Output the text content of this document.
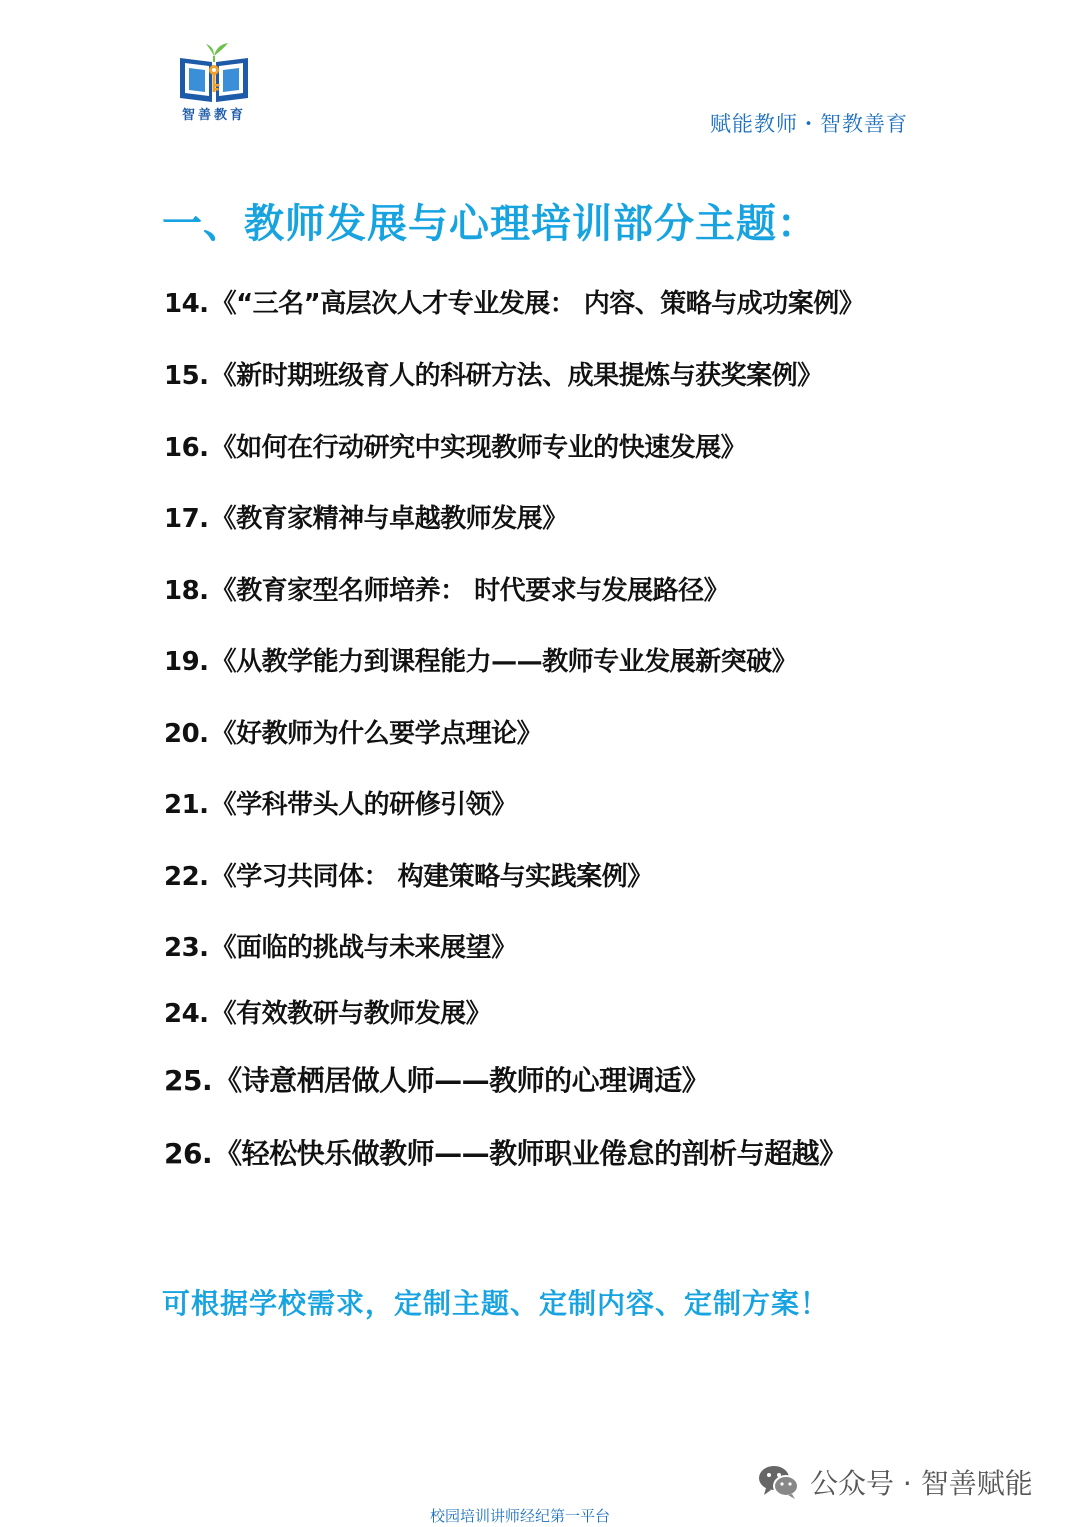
智善教育	赋能教师・智教善育
一、教师发展与心理培训部分主题：
14.《“三名”高层次人才专业发展： 内容、策略与成功案例》
15.《新时期班级育人的科研方法、成果提炼与获奖案例》
16.《如何在行动研究中实现教师专业的快速发展》
17.《教育家精神与卓越教师发展》
18.《教育家型名师培养： 时代要求与发展路径》
19.《从教学能力到课程能力——教师专业发展新突破》
20.《好教师为什么要学点理论》
21.《学科带头人的研修引领》
22.《学习共同体： 构建策略与实践案例》
23.《面临的挑战与未来展望》
24.《有效教研与教师发展》
25.《诗意栖居做人师——教师的心理调适》
26.《轻松快乐做教师——教师职业倦怠的剖析与超越》
可根据学校需求，定制主题、定制内容、定制方案！
公众号 · 智善赋能
校园培训讲师经纪第一平台
